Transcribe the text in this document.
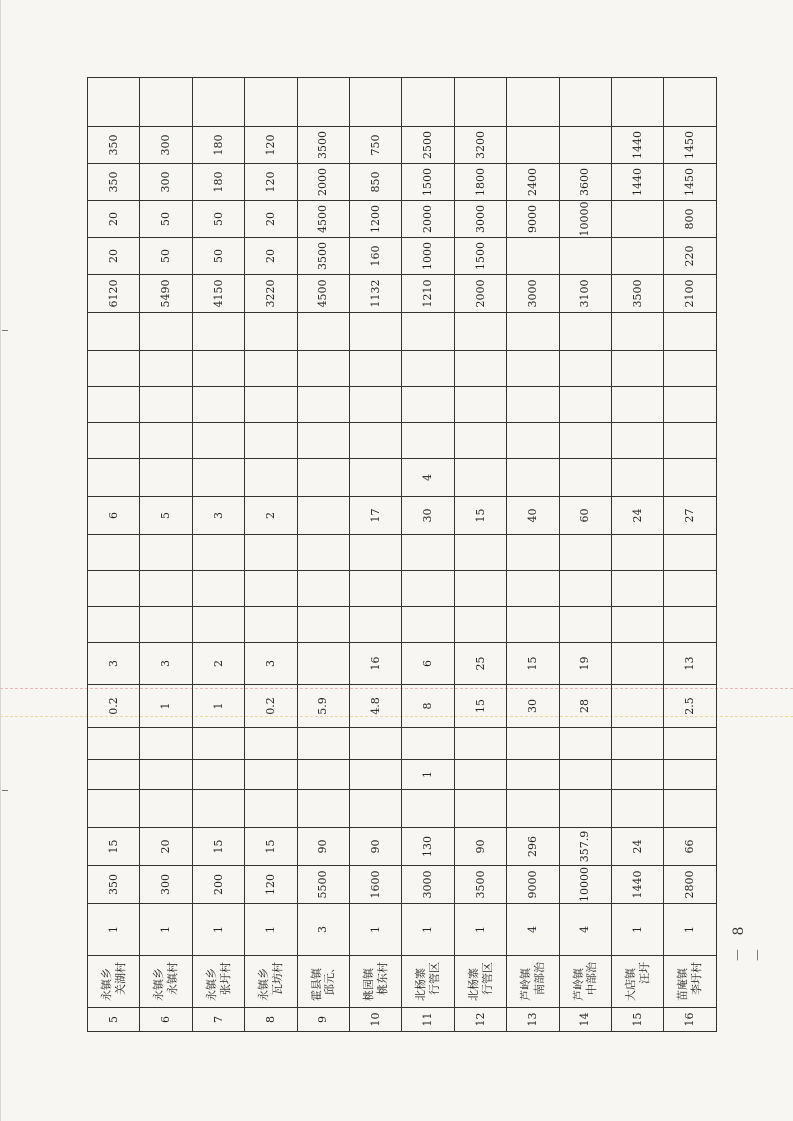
5	永镇乡 关湖村	1	350	15				0.2	3				6						6120	20	20	350	350	
6	永镇乡 永镇村	1	300	20				1	3				5						5490	50	50	300	300	
7	永镇乡 张圩村	1	200	15				1	2				3						4150	50	50	180	180	
8	永镇乡 瓦坊村	1	120	15				0.2	3				2						3220	20	20	120	120	
9	霍县镇 邱元、	3	5500	90				5.9											4500	3500	4500	2000	3500	
10	桃园镇 桃东村	1	1600	90				4.8	16				17						1132	160	1200	850	750	
11	北杨寨 行管区	1	3000	130		1		8	6				30	4					1210	1000	2000	1500	2500	
12	北杨寨 行管区	1	3500	90				15	25				15						2000	1500	3000	1800	3200	
13	芦岭镇 南部治	4	9000	296				30	15				40						3000		9000	2400		
14	芦岭镇 中部治	4	10000	357.9				28	19				60						3100		10000	3600		
15	大店镇 汪圩	1	1440	24									24						3500			1440	1440	
16	苗庵镇 李圩村	1	2800	66				2.5	13				27						2100	220	800	1450	1450	
－ 8 －
